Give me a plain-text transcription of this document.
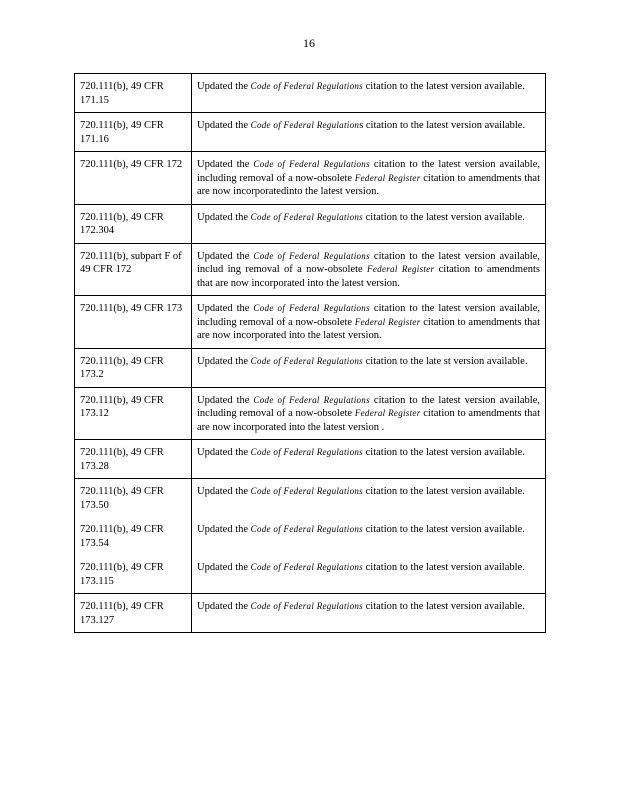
16
720.111(b), 49 CFR 171.15	Updated the Code of Federal Regulations citation to the latest version available.

720.111(b), 49 CFR 171.16	Updated the Code of Federal Regulations citation to the latest version available.

720.111(b), 49 CFR 172	Updated the Code of Federal Regulations citation to the latest version available, including removal of a now-obsolete Federal Register citation to amendments that are now incorporatedinto the latest version.

720.111(b), 49 CFR 172.304	Updated the Code of Federal Regulations citation to the latest version available.

720.111(b), subpart F of 49 CFR 172	Updated the Code of Federal Regulations citation to the latest version available, includ ing removal of a now-obsolete Federal Register citation to amendments that are now incorporated into the latest version.

720.111(b), 49 CFR 173	Updated the Code of Federal Regulations citation to the latest version available, including removal of a now-obsolete Federal Register citation to amendments that are now incorporated into the latest version.

720.111(b), 49 CFR 173.2	Updated the Code of Federal Regulations citation to the late st version available.

720.111(b), 49 CFR 173.12	Updated the Code of Federal Regulations citation to the latest version available, including removal of a now-obsolete Federal Register citation to amendments that are now incorporated into the latest version .

720.111(b), 49 CFR 173.28	Updated the Code of Federal Regulations citation to the latest version available.

720.111(b), 49 CFR 173.50	Updated the Code of Federal Regulations citation to the latest version available.

720.111(b), 49 CFR 173.54	Updated the Code of Federal Regulations citation to the latest version available.

720.111(b), 49 CFR 173.115	Updated the Code of Federal Regulations citation to the latest version available.

720.111(b), 49 CFR 173.127	Updated the Code of Federal Regulations citation to the latest version available.
